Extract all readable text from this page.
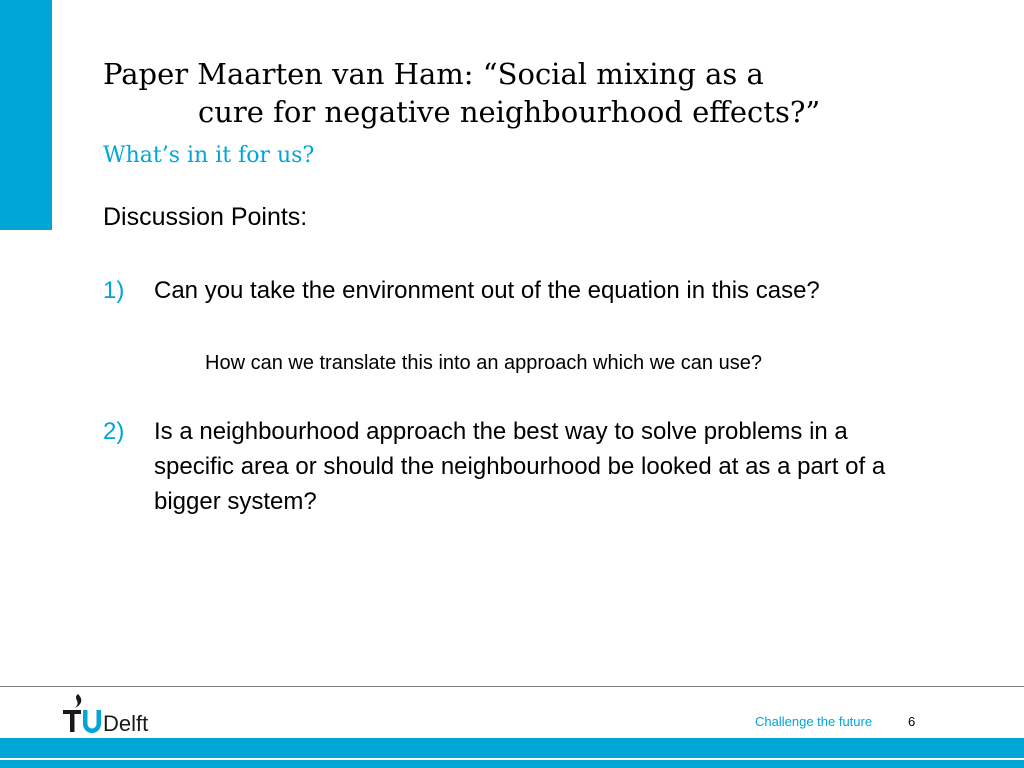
Paper Maarten van Ham: “Social mixing as a
cure for negative neighbourhood effects?”
What’s in it for us?
Discussion Points:
1)	Can you take the environment out of the equation in this case?
How can we translate this into an approach which we can use?
2)	Is a neighbourhood approach the best way to solve problems in a specific area or should the neighbourhood be looked at as a part of a bigger system?
Delft	Challenge the future	6
